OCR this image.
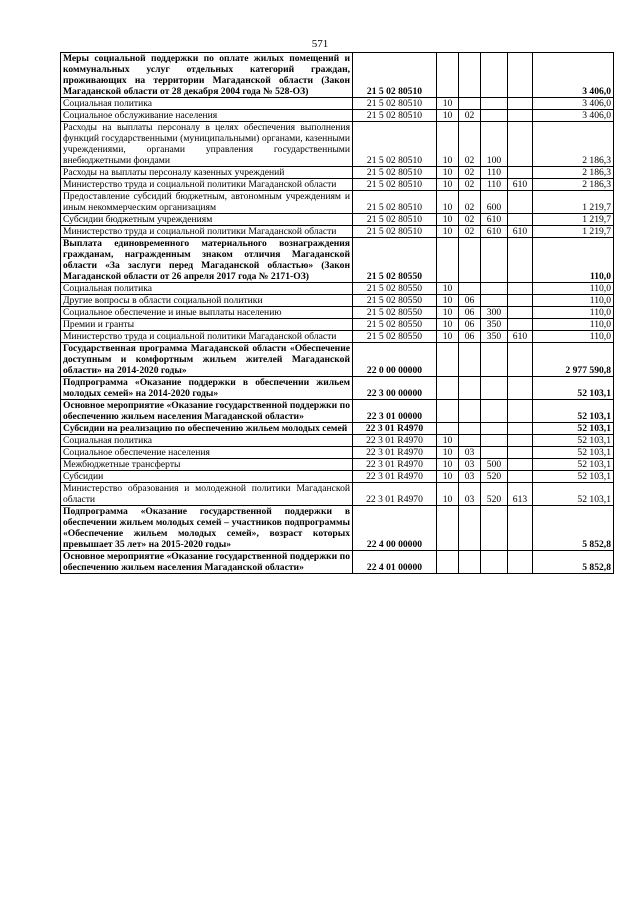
571
Меры социальной поддержки по оплате жилых помещений и коммунальных услуг отдельных категорий граждан, проживающих на территории Магаданской области (Закон Магаданской области от 28 декабря 2004 года № 528-ОЗ)	21 5 02 80510					3 406,0
Социальная политика	21 5 02 80510	10				3 406,0
Социальное обслуживание населения	21 5 02 80510	10	02			3 406,0
Расходы на выплаты персоналу в целях обеспечения выполнения функций государственными (муниципальными) органами, казенными учреждениями, органами управления государственными внебюджетными фондами	21 5 02 80510	10	02	100		2 186,3
Расходы на выплаты персоналу казенных учреждений	21 5 02 80510	10	02	110		2 186,3
Министерство труда и социальной политики Магаданской области	21 5 02 80510	10	02	110	610	2 186,3
Предоставление субсидий бюджетным, автономным учреждениям и иным некоммерческим организациям	21 5 02 80510	10	02	600		1 219,7
Субсидии бюджетным учреждениям	21 5 02 80510	10	02	610		1 219,7
Министерство труда и социальной политики Магаданской области	21 5 02 80510	10	02	610	610	1 219,7
Выплата единовременного материального вознаграждения гражданам, награжденным знаком отличия Магаданской области «За заслуги перед Магаданской областью» (Закон Магаданской области от 26 апреля 2017 года № 2171-ОЗ)	21 5 02 80550					110,0
Социальная политика	21 5 02 80550	10				110,0
Другие вопросы в области социальной политики	21 5 02 80550	10	06			110,0
Социальное обеспечение и иные выплаты населению	21 5 02 80550	10	06	300		110,0
Премии и гранты	21 5 02 80550	10	06	350		110,0
Министерство труда и социальной политики Магаданской области	21 5 02 80550	10	06	350	610	110,0
Государственная программа Магаданской области «Обеспечение доступным и комфортным жильем жителей Магаданской области» на 2014-2020 годы»	22 0 00 00000					2 977 590,8
Подпрограмма «Оказание поддержки в обеспечении жильем молодых семей» на 2014-2020 годы»	22 3 00 00000					52 103,1
Основное мероприятие «Оказание государственной поддержки по обеспечению жильем населения Магаданской области»	22 3 01 00000					52 103,1
Субсидии на реализацию по обеспечению жильем молодых семей	22 3 01 R4970					52 103,1
Социальная политика	22 3 01 R4970	10				52 103,1
Социальное обеспечение населения	22 3 01 R4970	10	03			52 103,1
Межбюджетные трансферты	22 3 01 R4970	10	03	500		52 103,1
Субсидии	22 3 01 R4970	10	03	520		52 103,1
Министерство образования и молодежной политики Магаданской области	22 3 01 R4970	10	03	520	613	52 103,1
Подпрограмма «Оказание государственной поддержки в обеспечении жильем молодых семей – участников подпрограммы «Обеспечение жильем молодых семей», возраст которых превышает 35 лет» на 2015-2020 годы»	22 4 00 00000					5 852,8
Основное мероприятие «Оказание государственной поддержки по обеспечению жильем населения Магаданской области»	22 4 01 00000					5 852,8
